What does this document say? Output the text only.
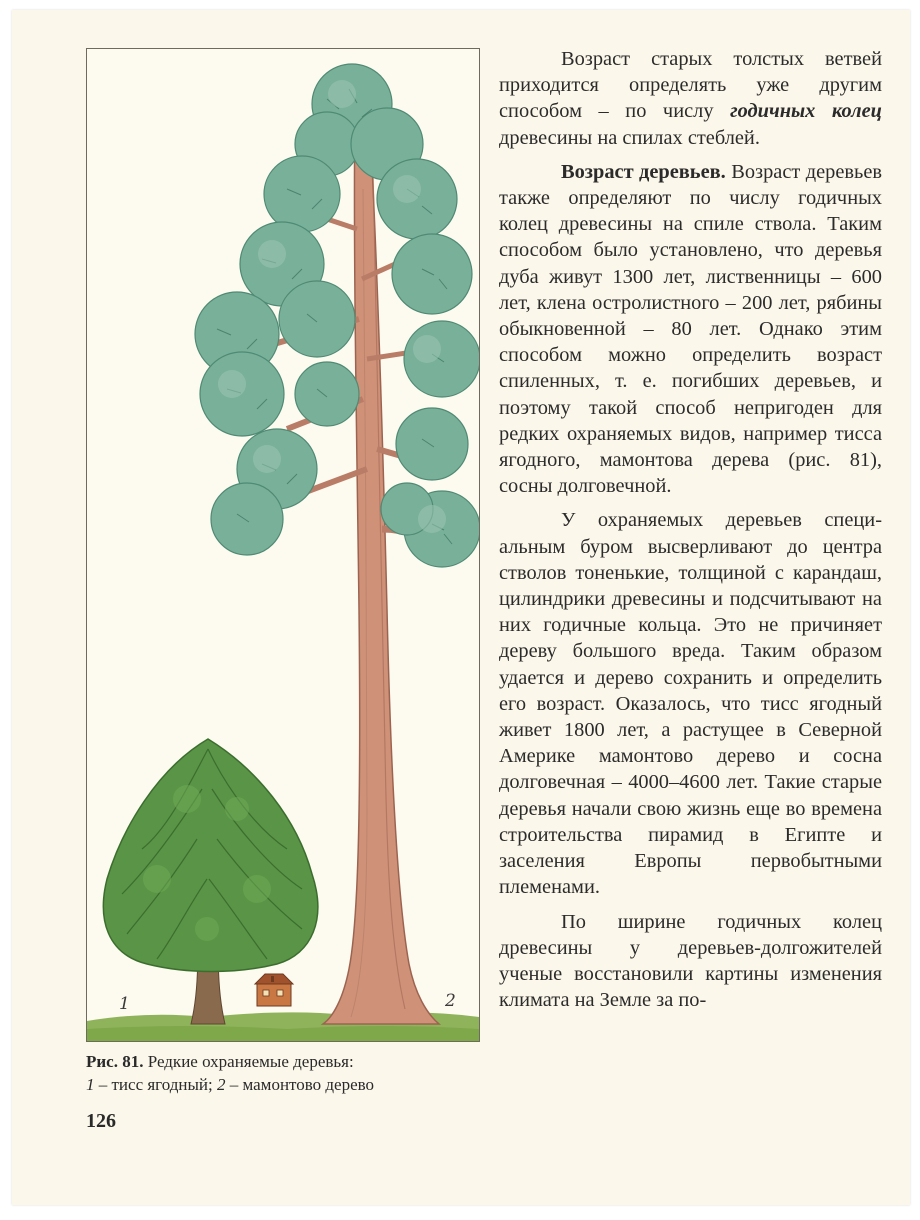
1	2
Рис. 81. Редкие охраняемые деревья:
1 – тисс ягодный; 2 – мамонтово дерево
126

Возраст старых толстых ветвей приходится определять уже другим способом – по числу годичных колец древесины на спилах стеблей.

Возраст деревьев. Возраст деревьев также определяют по числу годичных колец древесины на спиле ствола. Таким способом было установлено, что деревья дуба живут 1300 лет, лиственницы – 600 лет, клена остролистного – 200 лет, рябины обыкновенной – 80 лет. Однако этим способом можно определить возраст спиленных, т. е. погибших деревьев, и поэтому такой способ непригоден для редких охраняемых видов, например тисса ягодного, мамонтова дерева (рис. 81), сосны долговечной.

У охраняемых деревьев специальным буром высверливают до центра стволов тоненькие, толщиной с карандаш, цилиндрики древесины и подсчитывают на них годичные кольца. Это не причиняет дереву большого вреда. Таким образом удается и дерево сохранить и определить его возраст. Оказалось, что тисс ягодный живет 1800 лет, а растущее в Северной Америке мамонтово дерево и сосна долговечная – 4000–4600 лет. Такие старые деревья начали свою жизнь еще во времена строительства пирамид в Египте и заселения Европы первобытными племенами.

По ширине годичных колец древесины у деревьев-долгожителей ученые восстановили картины изменения климата на Земле за по-
